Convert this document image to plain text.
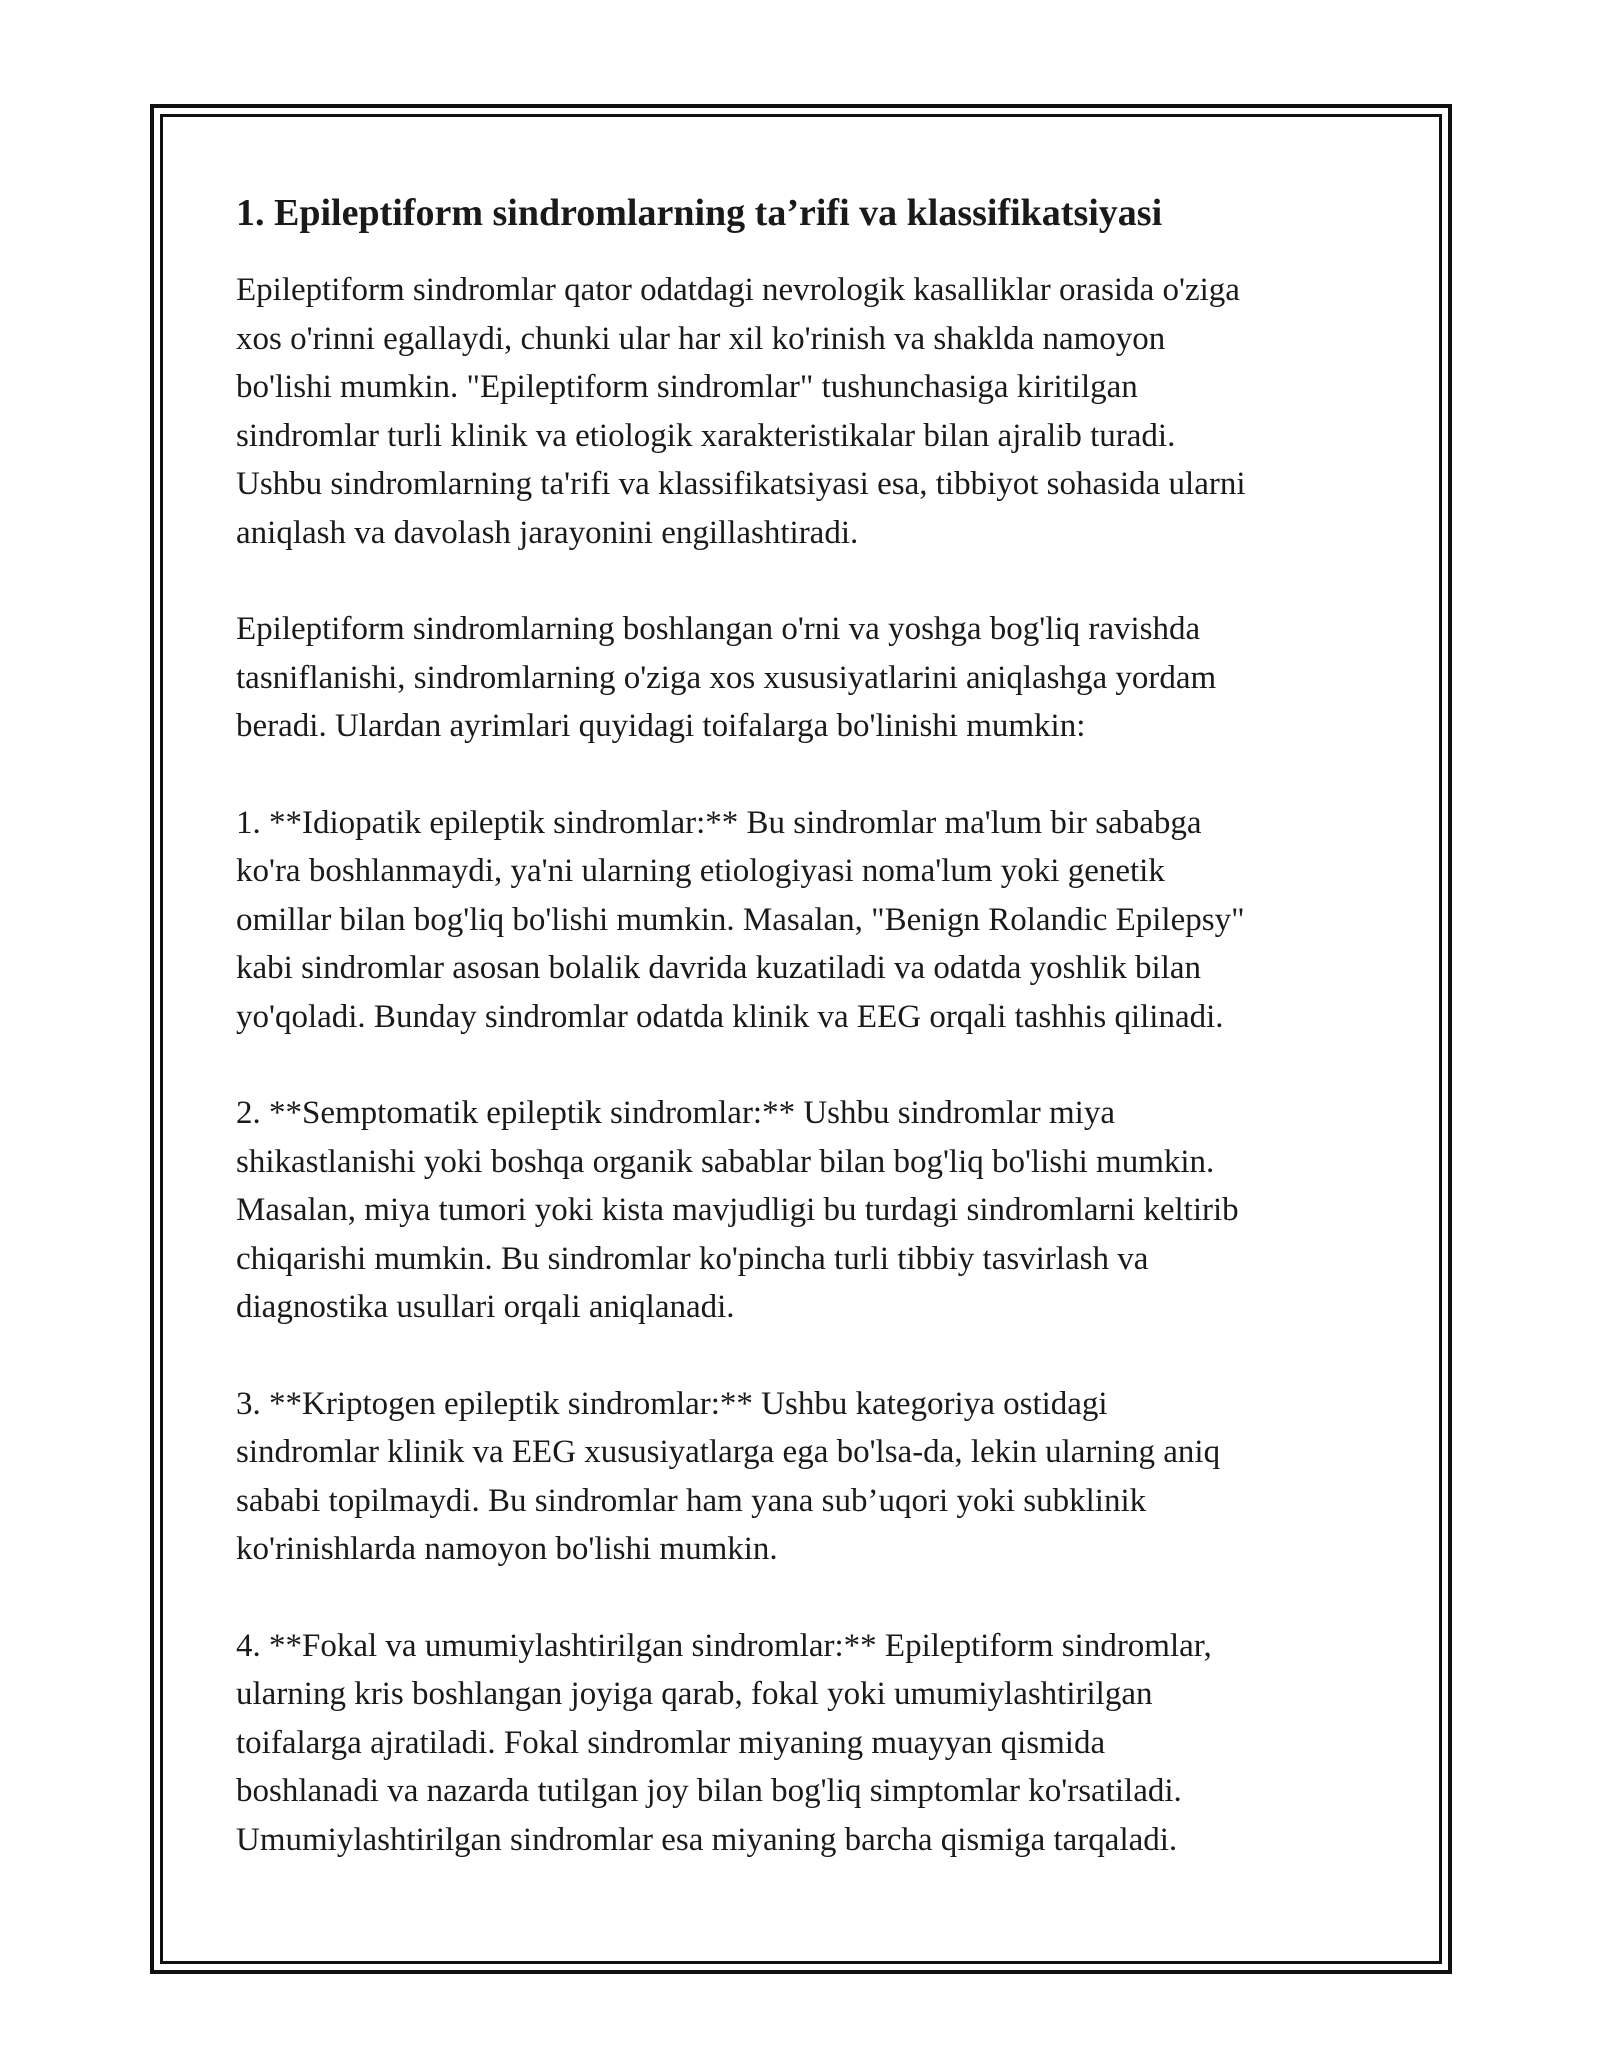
1. Epileptiform sindromlarning ta’rifi va klassifikatsiyasi

Epileptiform sindromlar qator odatdagi nevrologik kasalliklar orasida o'ziga
xos o'rinni egallaydi, chunki ular har xil ko'rinish va shaklda namoyon
bo'lishi mumkin. "Epileptiform sindromlar" tushunchasiga kiritilgan
sindromlar turli klinik va etiologik xarakteristikalar bilan ajralib turadi.
Ushbu sindromlarning ta'rifi va klassifikatsiyasi esa, tibbiyot sohasida ularni
aniqlash va davolash jarayonini engillashtiradi.

Epileptiform sindromlarning boshlangan o'rni va yoshga bog'liq ravishda
tasniflanishi, sindromlarning o'ziga xos xususiyatlarini aniqlashga yordam
beradi. Ulardan ayrimlari quyidagi toifalarga bo'linishi mumkin:

1. **Idiopatik epileptik sindromlar:** Bu sindromlar ma'lum bir sababga
ko'ra boshlanmaydi, ya'ni ularning etiologiyasi noma'lum yoki genetik
omillar bilan bog'liq bo'lishi mumkin. Masalan, "Benign Rolandic Epilepsy"
kabi sindromlar asosan bolalik davrida kuzatiladi va odatda yoshlik bilan
yo'qoladi. Bunday sindromlar odatda klinik va EEG orqali tashhis qilinadi.

2. **Semptomatik epileptik sindromlar:** Ushbu sindromlar miya
shikastlanishi yoki boshqa organik sabablar bilan bog'liq bo'lishi mumkin.
Masalan, miya tumori yoki kista mavjudligi bu turdagi sindromlarni keltirib
chiqarishi mumkin. Bu sindromlar ko'pincha turli tibbiy tasvirlash va
diagnostika usullari orqali aniqlanadi.

3. **Kriptogen epileptik sindromlar:** Ushbu kategoriya ostidagi
sindromlar klinik va EEG xususiyatlarga ega bo'lsa-da, lekin ularning aniq
sababi topilmaydi. Bu sindromlar ham yana sub’uqori yoki subklinik
ko'rinishlarda namoyon bo'lishi mumkin.

4. **Fokal va umumiylashtirilgan sindromlar:** Epileptiform sindromlar,
ularning kris boshlangan joyiga qarab, fokal yoki umumiylashtirilgan
toifalarga ajratiladi. Fokal sindromlar miyaning muayyan qismida
boshlanadi va nazarda tutilgan joy bilan bog'liq simptomlar ko'rsatiladi.
Umumiylashtirilgan sindromlar esa miyaning barcha qismiga tarqaladi.
